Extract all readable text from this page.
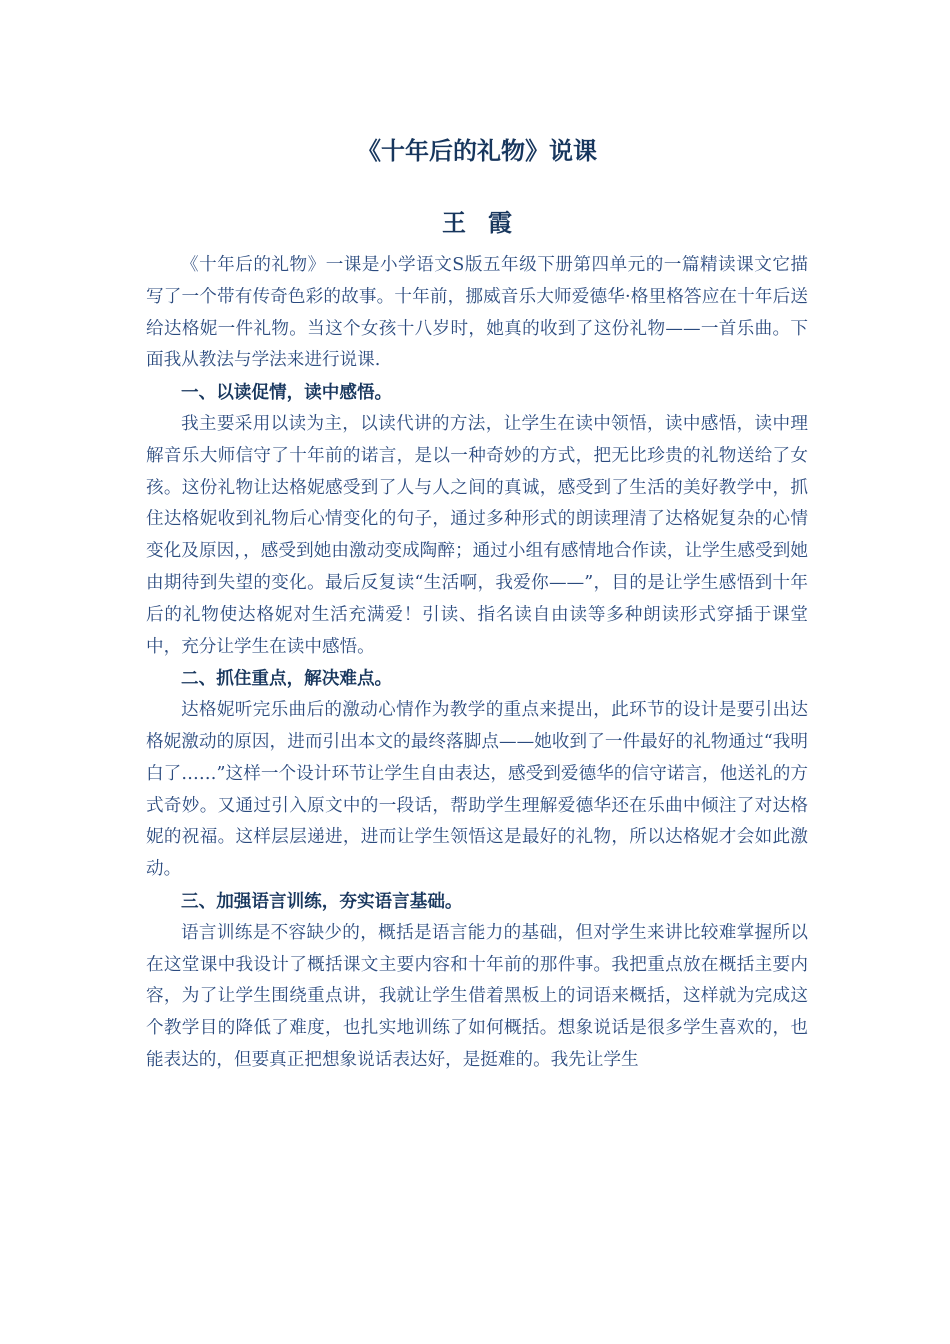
《十年后的礼物》说课
王霞

《十年后的礼物》一课是小学语文S版五年级下册第四单元的一篇精读课文它描写了一个带有传奇色彩的故事。十年前，挪威音乐大师爱德华·格里格答应在十年后送给达格妮一件礼物。当这个女孩十八岁时，她真的收到了这份礼物——一首乐曲。下面我从教法与学法来进行说课.

一、以读促情，读中感悟。

我主要采用以读为主，以读代讲的方法，让学生在读中领悟，读中感悟，读中理解音乐大师信守了十年前的诺言，是以一种奇妙的方式，把无比珍贵的礼物送给了女孩。这份礼物让达格妮感受到了人与人之间的真诚，感受到了生活的美好教学中，抓住达格妮收到礼物后心情变化的句子，通过多种形式的朗读理清了达格妮复杂的心情变化及原因，，感受到她由激动变成陶醉；通过小组有感情地合作读，让学生感受到她由期待到失望的变化。最后反复读“生活啊，我爱你——”，目的是让学生感悟到十年后的礼物使达格妮对生活充满爱！引读、指名读自由读等多种朗读形式穿插于课堂中，充分让学生在读中感悟。

二、抓住重点，解决难点。

达格妮听完乐曲后的激动心情作为教学的重点来提出，此环节的设计是要引出达格妮激动的原因，进而引出本文的最终落脚点——她收到了一件最好的礼物通过“我明白了……”这样一个设计环节让学生自由表达，感受到爱德华的信守诺言，他送礼的方式奇妙。又通过引入原文中的一段话，帮助学生理解爱德华还在乐曲中倾注了对达格妮的祝福。这样层层递进，进而让学生领悟这是最好的礼物，所以达格妮才会如此激动。

三、加强语言训练，夯实语言基础。

语言训练是不容缺少的，概括是语言能力的基础，但对学生来讲比较难掌握所以在这堂课中我设计了概括课文主要内容和十年前的那件事。我把重点放在概括主要内容，为了让学生围绕重点讲，我就让学生借着黑板上的词语来概括，这样就为完成这个教学目的降低了难度，也扎实地训练了如何概括。想象说话是很多学生喜欢的，也能表达的，但要真正把想象说话表达好，是挺难的。我先让学生
